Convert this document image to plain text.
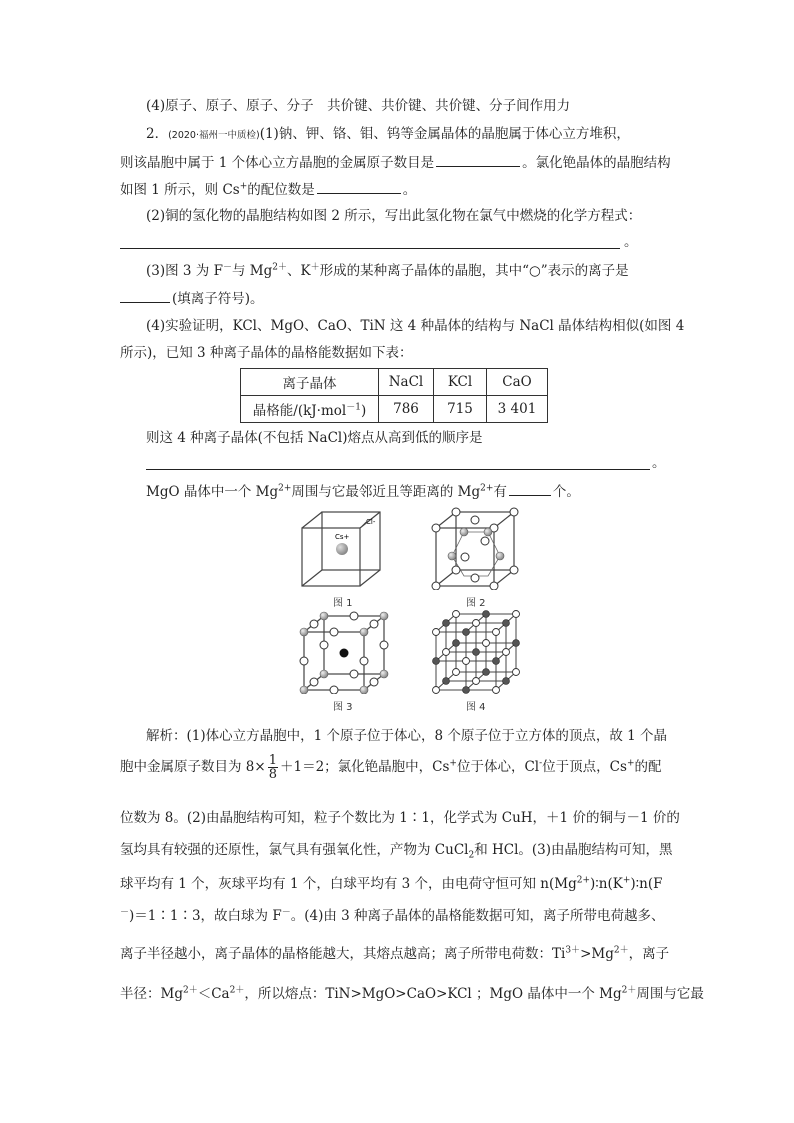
(4)原子、原子、原子、分子　共价键、共价键、共价键、分子间作用力
2．(2020·福州一中质检)(1)钠、钾、铬、钼、钨等金属晶体的晶胞属于体心立方堆积，
则该晶胞中属于 1 个体心立方晶胞的金属原子数目是	。氯化铯晶体的晶胞结构
如图 1 所示，则 Cs+的配位数是	。
(2)铜的氢化物的晶胞结构如图 2 所示，写出此氢化物在氯气中燃烧的化学方程式：
。
(3)图 3 为 F－与 $Mg^{2+}$、K＋形成的某种离子晶体的晶胞，其中“○”表示的离子是
(填离子符号)。
(4)实验证明，KCl、MgO、CaO、TiN 这 4 种晶体的结构与 NaCl 晶体结构相似(如图 4
所示)，已知 3 种离子晶体的晶格能数据如下表：
离子晶体	NaCl	KCl	CaO
晶格能/(kJ·mol$^{-1}$)	786	715	3 401
则这 4 种离子晶体(不包括 NaCl)熔点从高到低的顺序是
。
MgO 晶体中一个 $Mg^{2+}$周围与它最邻近且等距离的 $Mg^{2+}$有	个。
Cs+
Cl-
图 1	图 2
图 3	图 4
解析：(1)体心立方晶胞中，1 个原子位于体心，8 个原子位于立方体的顶点，故 1 个晶
胞中金属原子数目为 $8\times \frac{1}{8} +1=2$；氯化铯晶胞中，Cs+位于体心，Cl-位于顶点，Cs+的配
位数为 8。(2)由晶胞结构可知，粒子个数比为 1∶1，化学式为 CuH，＋1 价的铜与－1 价的
氢均具有较强的还原性，氯气具有强氧化性，产物为 CuCl$_2$和 HCl。(3)由晶胞结构可知，黑
球平均有 1 个，灰球平均有 1 个，白球平均有 3 个，由电荷守恒可知 $n(Mg^{2+})∶n(K^+)∶n(F$
－)＝1∶1∶3，故白球为 F－。(4)由 3 种离子晶体的晶格能数据可知，离子所带电荷越多、
离子半径越小，离子晶体的晶格能越大，其熔点越高；离子所带电荷数：$Ti^{3+}>Mg^{2+}$，离子
半径：$Mg^{2+}<Ca^{2+}$，所以熔点：TiN>MgO>CaO>KCl ；MgO 晶体中一个 $Mg^{2+}$周围与它最
